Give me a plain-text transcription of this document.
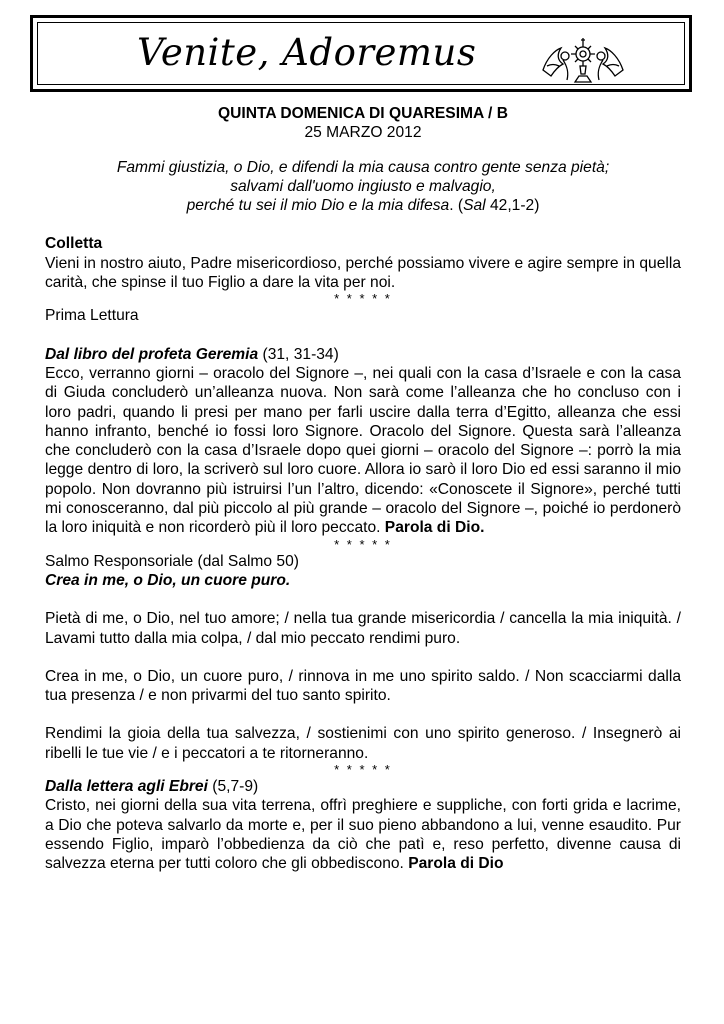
Venite, Adoremus

QUINTA DOMENICA DI QUARESIMA / B

25 MARZO 2012

Fammi giustizia, o Dio, e difendi la mia causa contro gente senza pietà;

salvami dall'uomo ingiusto e malvagio,

perché tu sei il mio Dio e la mia difesa. (Sal 42,1-2)

Colletta

Vieni in nostro aiuto, Padre misericordioso, perché possiamo vivere e agire sempre in quella carità, che spinse il tuo Figlio a dare la vita per noi.

* * * * *

Prima Lettura

Dal libro del profeta Geremia (31, 31-34)

Ecco, verranno giorni – oracolo del Signore –, nei quali con la casa d’Israele e con la casa di Giuda concluderò un’alleanza nuova. Non sarà come l’alleanza che ho concluso con i loro padri, quando li presi per mano per farli uscire dalla terra d’Egitto, alleanza che essi hanno infranto, benché io fossi loro Signore. Oracolo del Signore. Questa sarà l’alleanza che concluderò con la casa d’Israele dopo quei giorni – oracolo del Signore –: porrò la mia legge dentro di loro, la scriverò sul loro cuore. Allora io sarò il loro Dio ed essi saranno il mio popolo. Non dovranno più istruirsi l’un l’altro, dicendo: «Conoscete il Signore», perché tutti mi conosceranno, dal più piccolo al più grande – oracolo del Signore –, poiché io perdonerò la loro iniquità e non ricorderò più il loro peccato. Parola di Dio.

* * * * *

Salmo Responsoriale (dal Salmo 50)

Crea in me, o Dio, un cuore puro.

Pietà di me, o Dio, nel tuo amore; / nella tua grande misericordia / cancella la mia iniquità. / Lavami tutto dalla mia colpa, / dal mio peccato rendimi puro.

Crea in me, o Dio, un cuore puro, / rinnova in me uno spirito saldo. / Non scacciarmi dalla tua presenza / e non privarmi del tuo santo spirito.

Rendimi la gioia della tua salvezza, / sostienimi con uno spirito generoso. / Insegnerò ai ribelli le tue vie / e i peccatori a te ritorneranno.

* * * * *

Dalla lettera agli Ebrei (5,7-9)

Cristo, nei giorni della sua vita terrena, offrì preghiere e suppliche, con forti grida e lacrime, a Dio che poteva salvarlo da morte e, per il suo pieno abbandono a lui, venne esaudito. Pur essendo Figlio, imparò l’obbedienza da ciò che patì e, reso perfetto, divenne causa di salvezza eterna per tutti coloro che gli obbediscono. Parola di Dio
